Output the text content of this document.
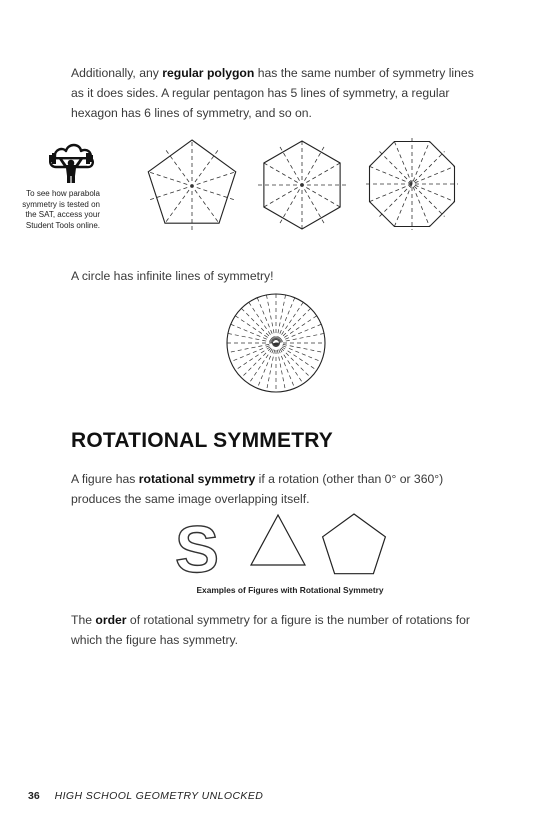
Additionally, any regular polygon has the same number of symmetry lines as it does sides. A regular pentagon has 5 lines of symmetry, a regular hexagon has 6 lines of symmetry, and so on.

To see how parabola symmetry is tested on the SAT, access your Student Tools online.

A circle has infinite lines of symmetry!

ROTATIONAL SYMMETRY

A figure has rotational symmetry if a rotation (other than 0° or 360°) produces the same image overlapping itself.

S

Examples of Figures with Rotational Symmetry

The order of rotational symmetry for a figure is the number of rotations for which the figure has symmetry.

36 HIGH SCHOOL GEOMETRY UNLOCKED
